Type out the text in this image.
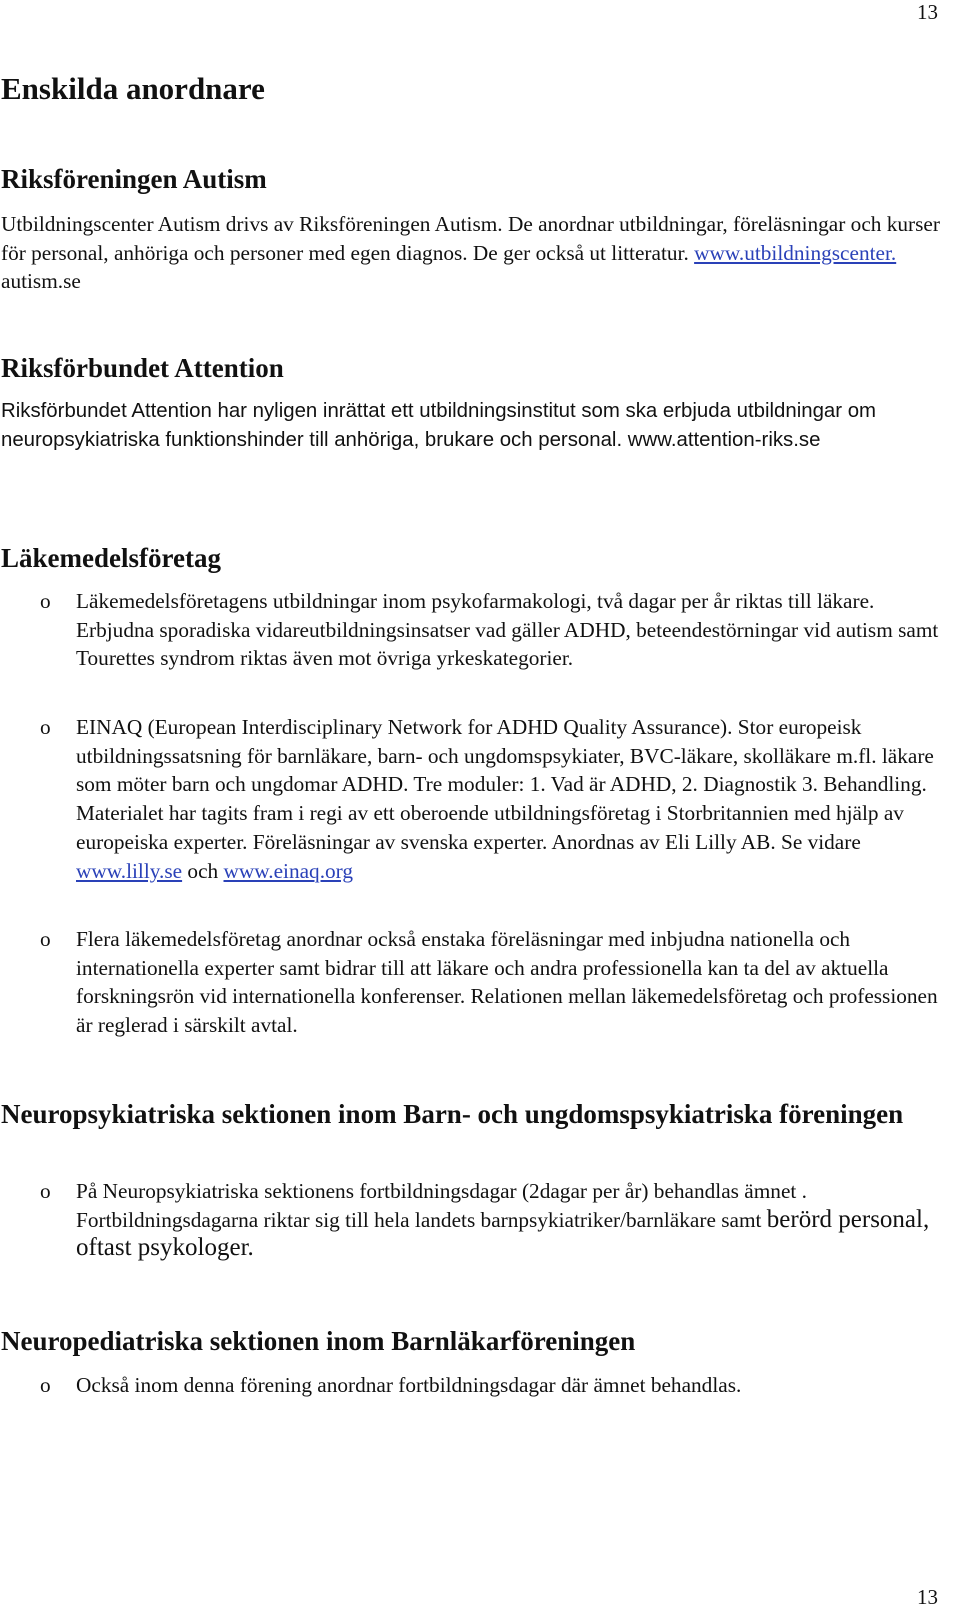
13
Enskilda anordnare
Riksföreningen Autism

Utbildningscenter Autism drivs av Riksföreningen Autism. De anordnar utbildningar, föreläsningar och kurser för personal, anhöriga och personer med egen diagnos. De ger också ut litteratur. www.utbildningscenter. autism.se

Riksförbundet Attention

Riksförbundet Attention har nyligen inrättat ett utbildningsinstitut som ska erbjuda utbildningar om neuropsykiatriska funktionshinder till anhöriga, brukare och personal. www.attention-riks.se

Läkemedelsföretag
o Läkemedelsföretagens utbildningar inom psykofarmakologi, två dagar per år riktas till läkare. Erbjudna sporadiska vidareutbildningsinsatser vad gäller ADHD, beteendestörningar vid autism samt Tourettes syndrom riktas även mot övriga yrkeskategorier.
o EINAQ (European Interdisciplinary Network for ADHD Quality Assurance). Stor europeisk utbildningssatsning för barnläkare, barn- och ungdomspsykiater, BVC-läkare, skolläkare m.fl. läkare som möter barn och ungdomar ADHD. Tre moduler: 1. Vad är ADHD, 2. Diagnostik 3. Behandling. Materialet har tagits fram i regi av ett oberoende utbildningsföretag i Storbritannien med hjälp av europeiska experter. Föreläsningar av svenska experter. Anordnas av Eli Lilly AB. Se vidare www.lilly.se och www.einaq.org
o Flera läkemedelsföretag anordnar också enstaka föreläsningar med inbjudna nationella och internationella experter samt bidrar till att läkare och andra professionella kan ta del av aktuella forskningsrön vid internationella konferenser. Relationen mellan läkemedelsföretag och professionen är reglerad i särskilt avtal.
Neuropsykiatriska sektionen inom Barn- och ungdomspsykiatriska föreningen
o På Neuropsykiatriska sektionens fortbildningsdagar (2dagar per år) behandlas ämnet . Fortbildningsdagarna riktar sig till hela landets barnpsykiatriker/barnläkare samt berörd personal, oftast psykologer.
Neuropediatriska sektionen inom Barnläkarföreningen
o Också inom denna förening anordnar fortbildningsdagar där ämnet behandlas.
13
